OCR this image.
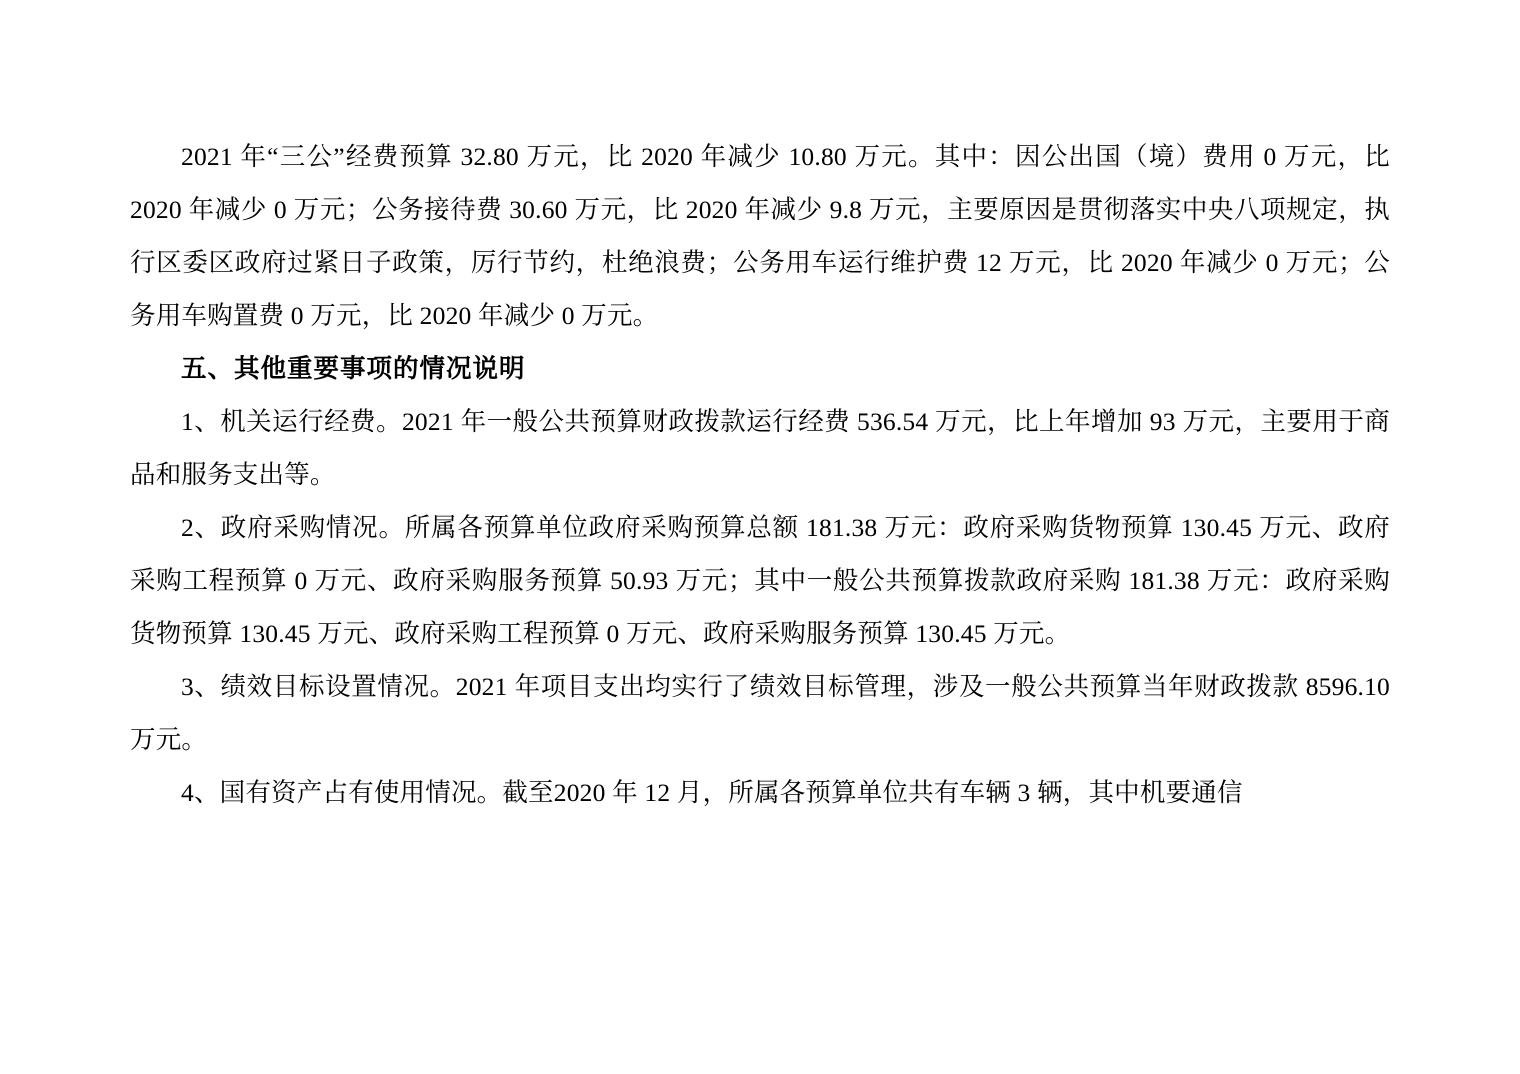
2021 年“三公”经费预算 32.80 万元，比 2020 年减少 10.80 万元。其中：因公出国（境）费用 0 万元，比 2020 年减少 0 万元；公务接待费 30.60 万元，比 2020 年减少 9.8 万元，主要原因是贯彻落实中央八项规定，执行区委区政府过紧日子政策，厉行节约，杜绝浪费；公务用车运行维护费 12 万元，比 2020 年减少 0 万元；公务用车购置费 0 万元，比 2020 年减少 0 万元。

五、其他重要事项的情况说明

1、机关运行经费。2021 年一般公共预算财政拨款运行经费 536.54 万元，比上年增加 93 万元，主要用于商品和服务支出等。

2、政府采购情况。所属各预算单位政府采购预算总额 181.38 万元：政府采购货物预算 130.45 万元、政府采购工程预算 0 万元、政府采购服务预算 50.93 万元；其中一般公共预算拨款政府采购 181.38 万元：政府采购货物预算 130.45 万元、政府采购工程预算 0 万元、政府采购服务预算 130.45 万元。

3、绩效目标设置情况。2021 年项目支出均实行了绩效目标管理，涉及一般公共预算当年财政拨款 8596.10 万元。

4、国有资产占有使用情况。截至2020 年 12 月，所属各预算单位共有车辆 3 辆，其中机要通信
